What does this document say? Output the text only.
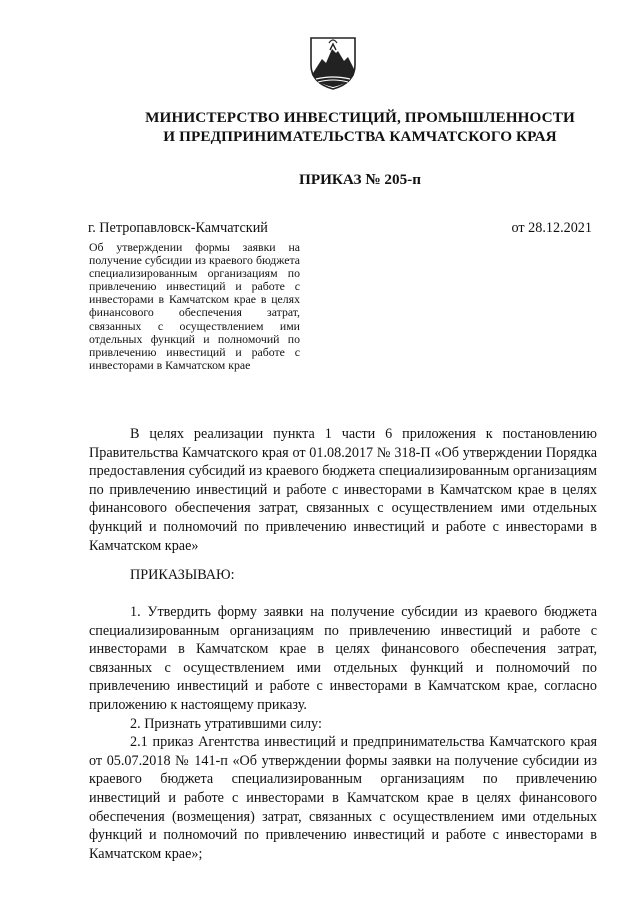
МИНИСТЕРСТВО ИНВЕСТИЦИЙ, ПРОМЫШЛЕННОСТИ
И ПРЕДПРИНИМАТЕЛЬСТВА КАМЧАТСКОГО КРАЯ
ПРИКАЗ № 205-п
г. Петропавловск-Камчатский	от 28.12.2021
Об утверждении формы заявки на получение субсидии из краевого бюджета специализированным организациям по привлечению инвестиций и работе с инвесторами в Камчатском крае в целях финансового обеспечения затрат, связанных с осуществлением ими отдельных функций и полномочий по привлечению инвестиций и работе с инвесторами в Камчатском крае
В целях реализации пункта 1 части 6 приложения к постановлению Правительства Камчатского края от 01.08.2017 № 318-П «Об утверждении Порядка предоставления субсидий из краевого бюджета специализированным организациям по привлечению инвестиций и работе с инвесторами в Камчатском крае в целях финансового обеспечения затрат, связанных с осуществлением ими отдельных функций и полномочий по привлечению инвестиций и работе с инвесторами в Камчатском крае»
ПРИКАЗЫВАЮ:

1. Утвердить форму заявки на получение субсидии из краевого бюджета специализированным организациям по привлечению инвестиций и работе с инвесторами в Камчатском крае в целях финансового обеспечения затрат, связанных с осуществлением ими отдельных функций и полномочий по привлечению инвестиций и работе с инвесторами в Камчатском крае, согласно приложению к настоящему приказу.

2. Признать утратившими силу:

2.1 приказ Агентства инвестиций и предпринимательства Камчатского края от 05.07.2018 № 141-п «Об утверждении формы заявки на получение субсидии из краевого бюджета специализированным организациям по привлечению инвестиций и работе с инвесторами в Камчатском крае в целях финансового обеспечения (возмещения) затрат, связанных с осуществлением ими отдельных функций и полномочий по привлечению инвестиций и работе с инвесторами в Камчатском крае»;
